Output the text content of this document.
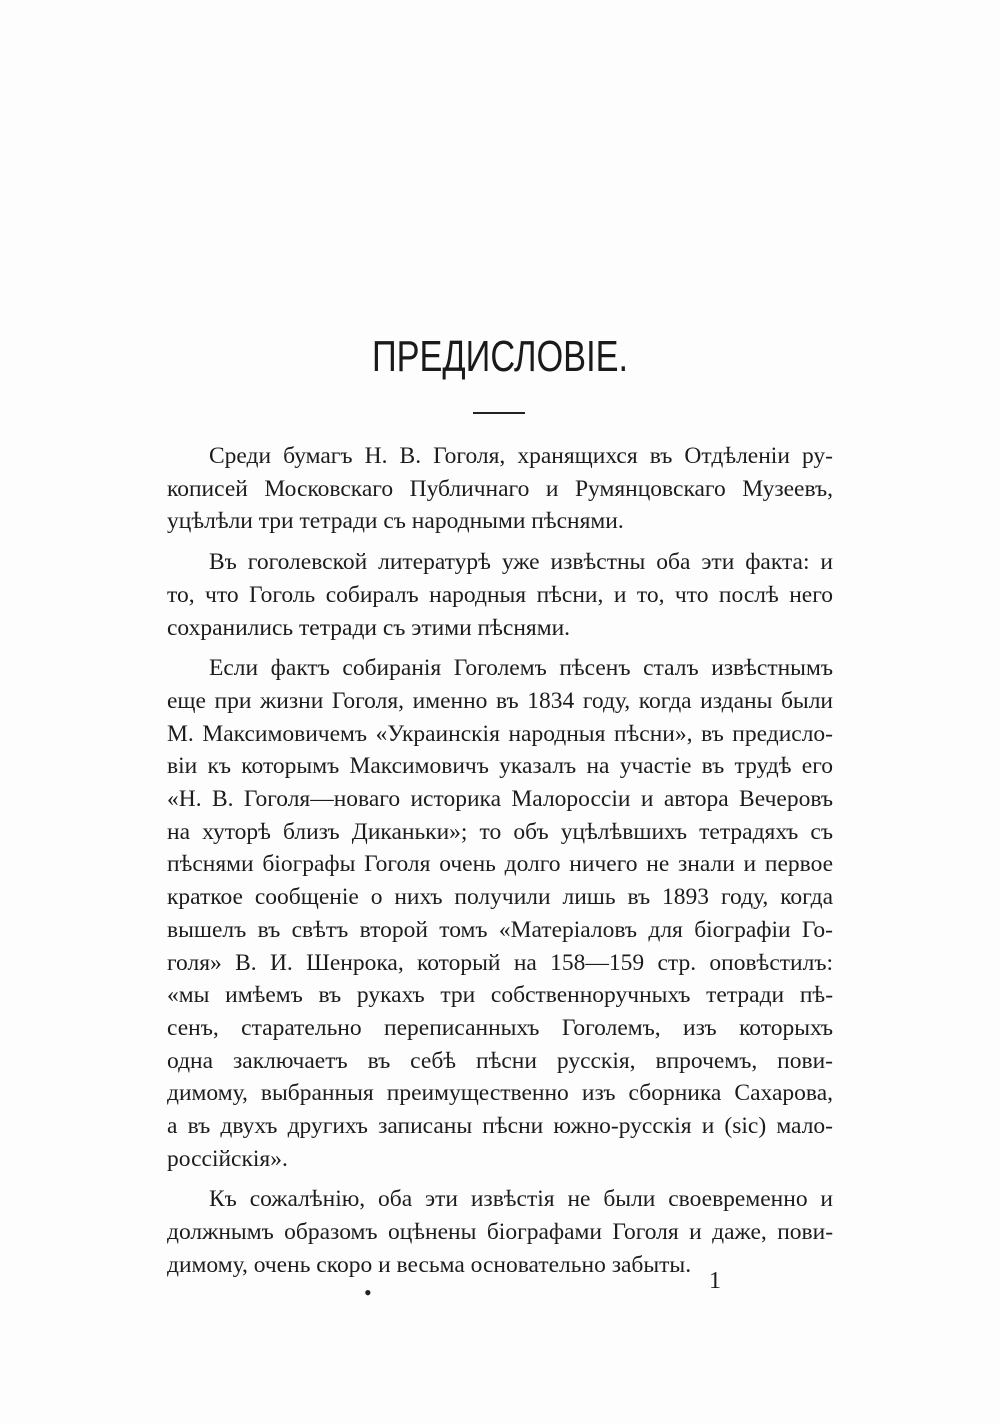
ПРЕДИСЛОВІЕ.
Среди бумагъ Н. В. Гоголя, хранящихся въ Отдѣленіи ру-
кописей Московскаго Публичнаго и Румянцовскаго Музеевъ,
уцѣлѣли три тетради съ народными пѣснями.
Въ гоголевской литературѣ уже извѣстны оба эти факта: и
то, что Гоголь собиралъ народныя пѣсни, и то, что послѣ него
сохранились тетради съ этими пѣснями.
Если фактъ собиранія Гоголемъ пѣсенъ сталъ извѣстнымъ
еще при жизни Гоголя, именно въ 1834 году, когда изданы были
М. Максимовичемъ «Украинскія народныя пѣсни», въ предисло-
віи къ которымъ Максимовичъ указалъ на участіе въ трудѣ его
«Н. В. Гоголя—новаго историка Малороссіи и автора Вечеровъ
на хуторѣ близъ Диканьки»; то объ уцѣлѣвшихъ тетрадяхъ съ
пѣснями біографы Гоголя очень долго ничего не знали и первое
краткое сообщеніе о нихъ получили лишь въ 1893 году, когда
вышелъ въ свѣтъ второй томъ «Матеріаловъ для біографіи Го-
голя» В. И. Шенрока, который на 158—159 стр. оповѣстилъ:
«мы имѣемъ въ рукахъ три собственноручныхъ тетради пѣ-
сенъ, старательно переписанныхъ Гоголемъ, изъ которыхъ
одна заключаетъ въ себѣ пѣсни русскія, впрочемъ, пови-
димому, выбранныя преимущественно изъ сборника Сахарова,
а въ двухъ другихъ записаны пѣсни южно-русскія и (sic) мало-
россійскія».
Къ сожалѣнію, оба эти извѣстія не были своевременно и
должнымъ образомъ оцѣнены біографами Гоголя и даже, пови-
димому, очень скоро и весьма основательно забыты.
•	1
